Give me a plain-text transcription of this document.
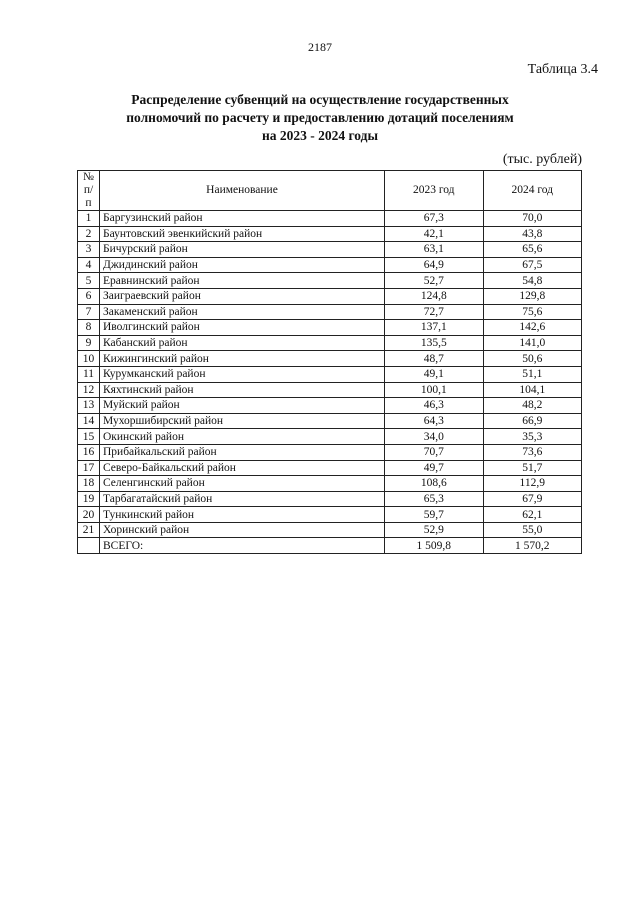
2187
Таблица 3.4
Распределение субвенций на осуществление государственных
полномочий по расчету и предоставлению дотаций поселениям
на 2023 - 2024 годы
(тыс. рублей)
№
п/п	Наименование	2023 год	2024 год
1	Баргузинский район	67,3	70,0
2	Баунтовский эвенкийский район	42,1	43,8
3	Бичурский район	63,1	65,6
4	Джидинский район	64,9	67,5
5	Еравнинский район	52,7	54,8
6	Заиграевский район	124,8	129,8
7	Закаменский район	72,7	75,6
8	Иволгинский район	137,1	142,6
9	Кабанский район	135,5	141,0
10	Кижингинский район	48,7	50,6
11	Курумканский район	49,1	51,1
12	Кяхтинский район	100,1	104,1
13	Муйский район	46,3	48,2
14	Мухоршибирский район	64,3	66,9
15	Окинский район	34,0	35,3
16	Прибайкальский район	70,7	73,6
17	Северо-Байкальский район	49,7	51,7
18	Селенгинский район	108,6	112,9
19	Тарбагатайский район	65,3	67,9
20	Тункинский район	59,7	62,1
21	Хоринский район	52,9	55,0
	ВСЕГО:	1 509,8	1 570,2
